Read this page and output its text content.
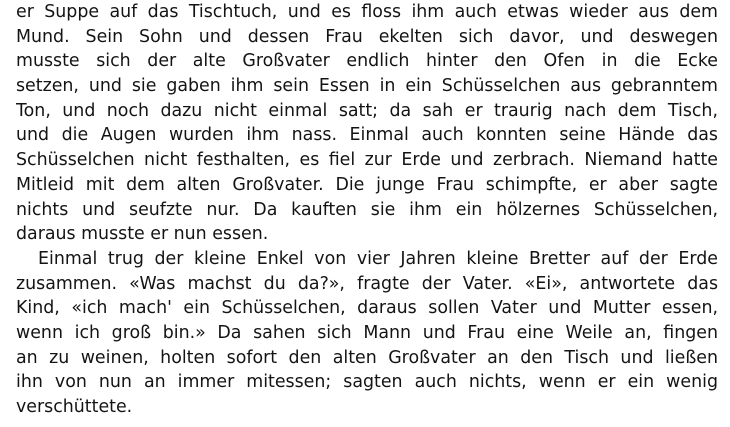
er Suppe auf das Tischtuch, und es floss ihm auch etwas wieder aus dem
Mund. Sein Sohn und dessen Frau ekelten sich davor, und deswegen
musste sich der alte Großvater endlich hinter den Ofen in die Ecke
setzen, und sie gaben ihm sein Essen in ein Schüsselchen aus gebranntem
Ton, und noch dazu nicht einmal satt; da sah er traurig nach dem Tisch,
und die Augen wurden ihm nass. Einmal auch konnten seine Hände das
Schüsselchen nicht festhalten, es fiel zur Erde und zerbrach. Niemand hatte
Mitleid mit dem alten Großvater. Die junge Frau schimpfte, er aber sagte
nichts und seufzte nur. Da kauften sie ihm ein hölzernes Schüsselchen,
daraus musste er nun essen.
Einmal trug der kleine Enkel von vier Jahren kleine Bretter auf der Erde
zusammen. «Was machst du da?», fragte der Vater. «Ei», antwortete das
Kind, «ich mach' ein Schüsselchen, daraus sollen Vater und Mutter essen,
wenn ich groß bin.» Da sahen sich Mann und Frau eine Weile an, fingen
an zu weinen, holten sofort den alten Großvater an den Tisch und ließen
ihn von nun an immer mitessen; sagten auch nichts, wenn er ein wenig
verschüttete.
